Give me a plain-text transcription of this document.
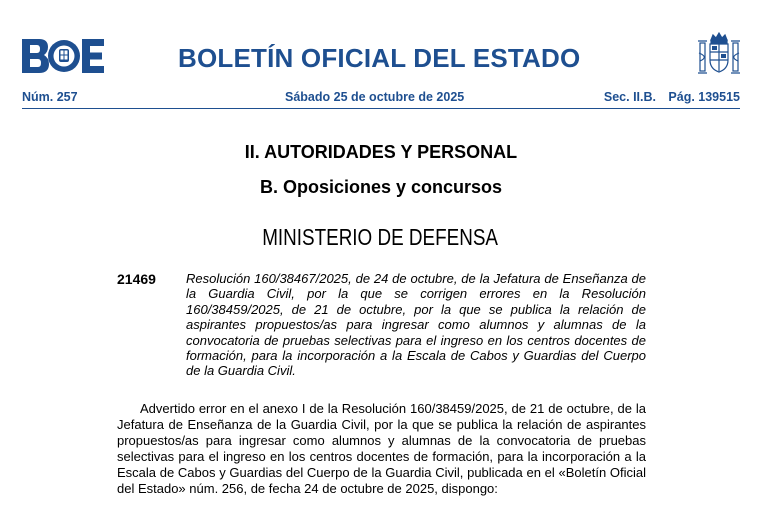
BOLETÍN OFICIAL DEL ESTADO
Núm. 257	Sábado 25 de octubre de 2025	Sec. II.B. Pág. 139515
II. AUTORIDADES Y PERSONAL
B. Oposiciones y concursos
MINISTERIO DE DEFENSA
21469 Resolución 160/38467/2025, de 24 de octubre, de la Jefatura de Enseñanza de la Guardia Civil, por la que se corrigen errores en la Resolución 160/38459/2025, de 21 de octubre, por la que se publica la relación de aspirantes propuestos/as para ingresar como alumnos y alumnas de la convocatoria de pruebas selectivas para el ingreso en los centros docentes de formación, para la incorporación a la Escala de Cabos y Guardias del Cuerpo de la Guardia Civil.

Advertido error en el anexo I de la Resolución 160/38459/2025, de 21 de octubre, de la Jefatura de Enseñanza de la Guardia Civil, por la que se publica la relación de aspirantes propuestos/as para ingresar como alumnos y alumnas de la convocatoria de pruebas selectivas para el ingreso en los centros docentes de formación, para la incorporación a la Escala de Cabos y Guardias del Cuerpo de la Guardia Civil, publicada en el «Boletín Oficial del Estado» núm. 256, de fecha 24 de octubre de 2025, dispongo:
